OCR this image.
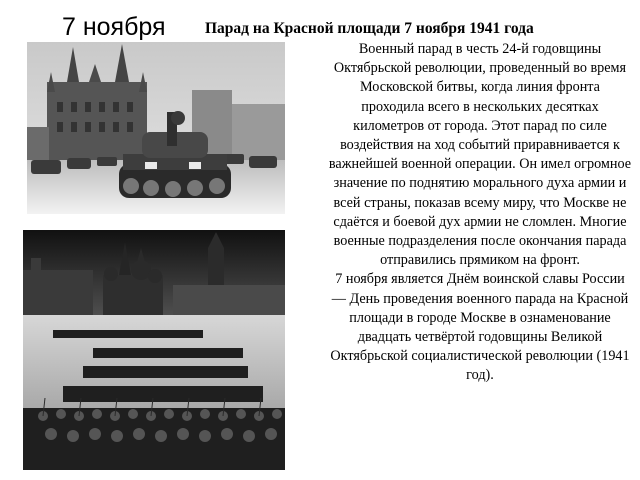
7 ноября	Парад на Красной площади 7 ноября 1941 года

Военный парад в честь 24-й годовщины Октябрьской революции, проведенный во время Московской битвы, когда линия фронта проходила всего в нескольких десятках километров от города. Этот парад по силе воздействия на ход событий приравнивается к важнейшей военной операции. Он имел огромное значение по поднятию морального духа армии и всей страны, показав всему миру, что Москве не сдаётся и боевой дух армии не сломлен. Многие военные подразделения после окончания парада отправились прямиком на фронт.

7 ноября является Днём воинской славы России — День проведения военного парада на Красной площади в городе Москве в ознаменование двадцать четвёртой годовщины Великой Октябрьской социалистической революции (1941 год).
